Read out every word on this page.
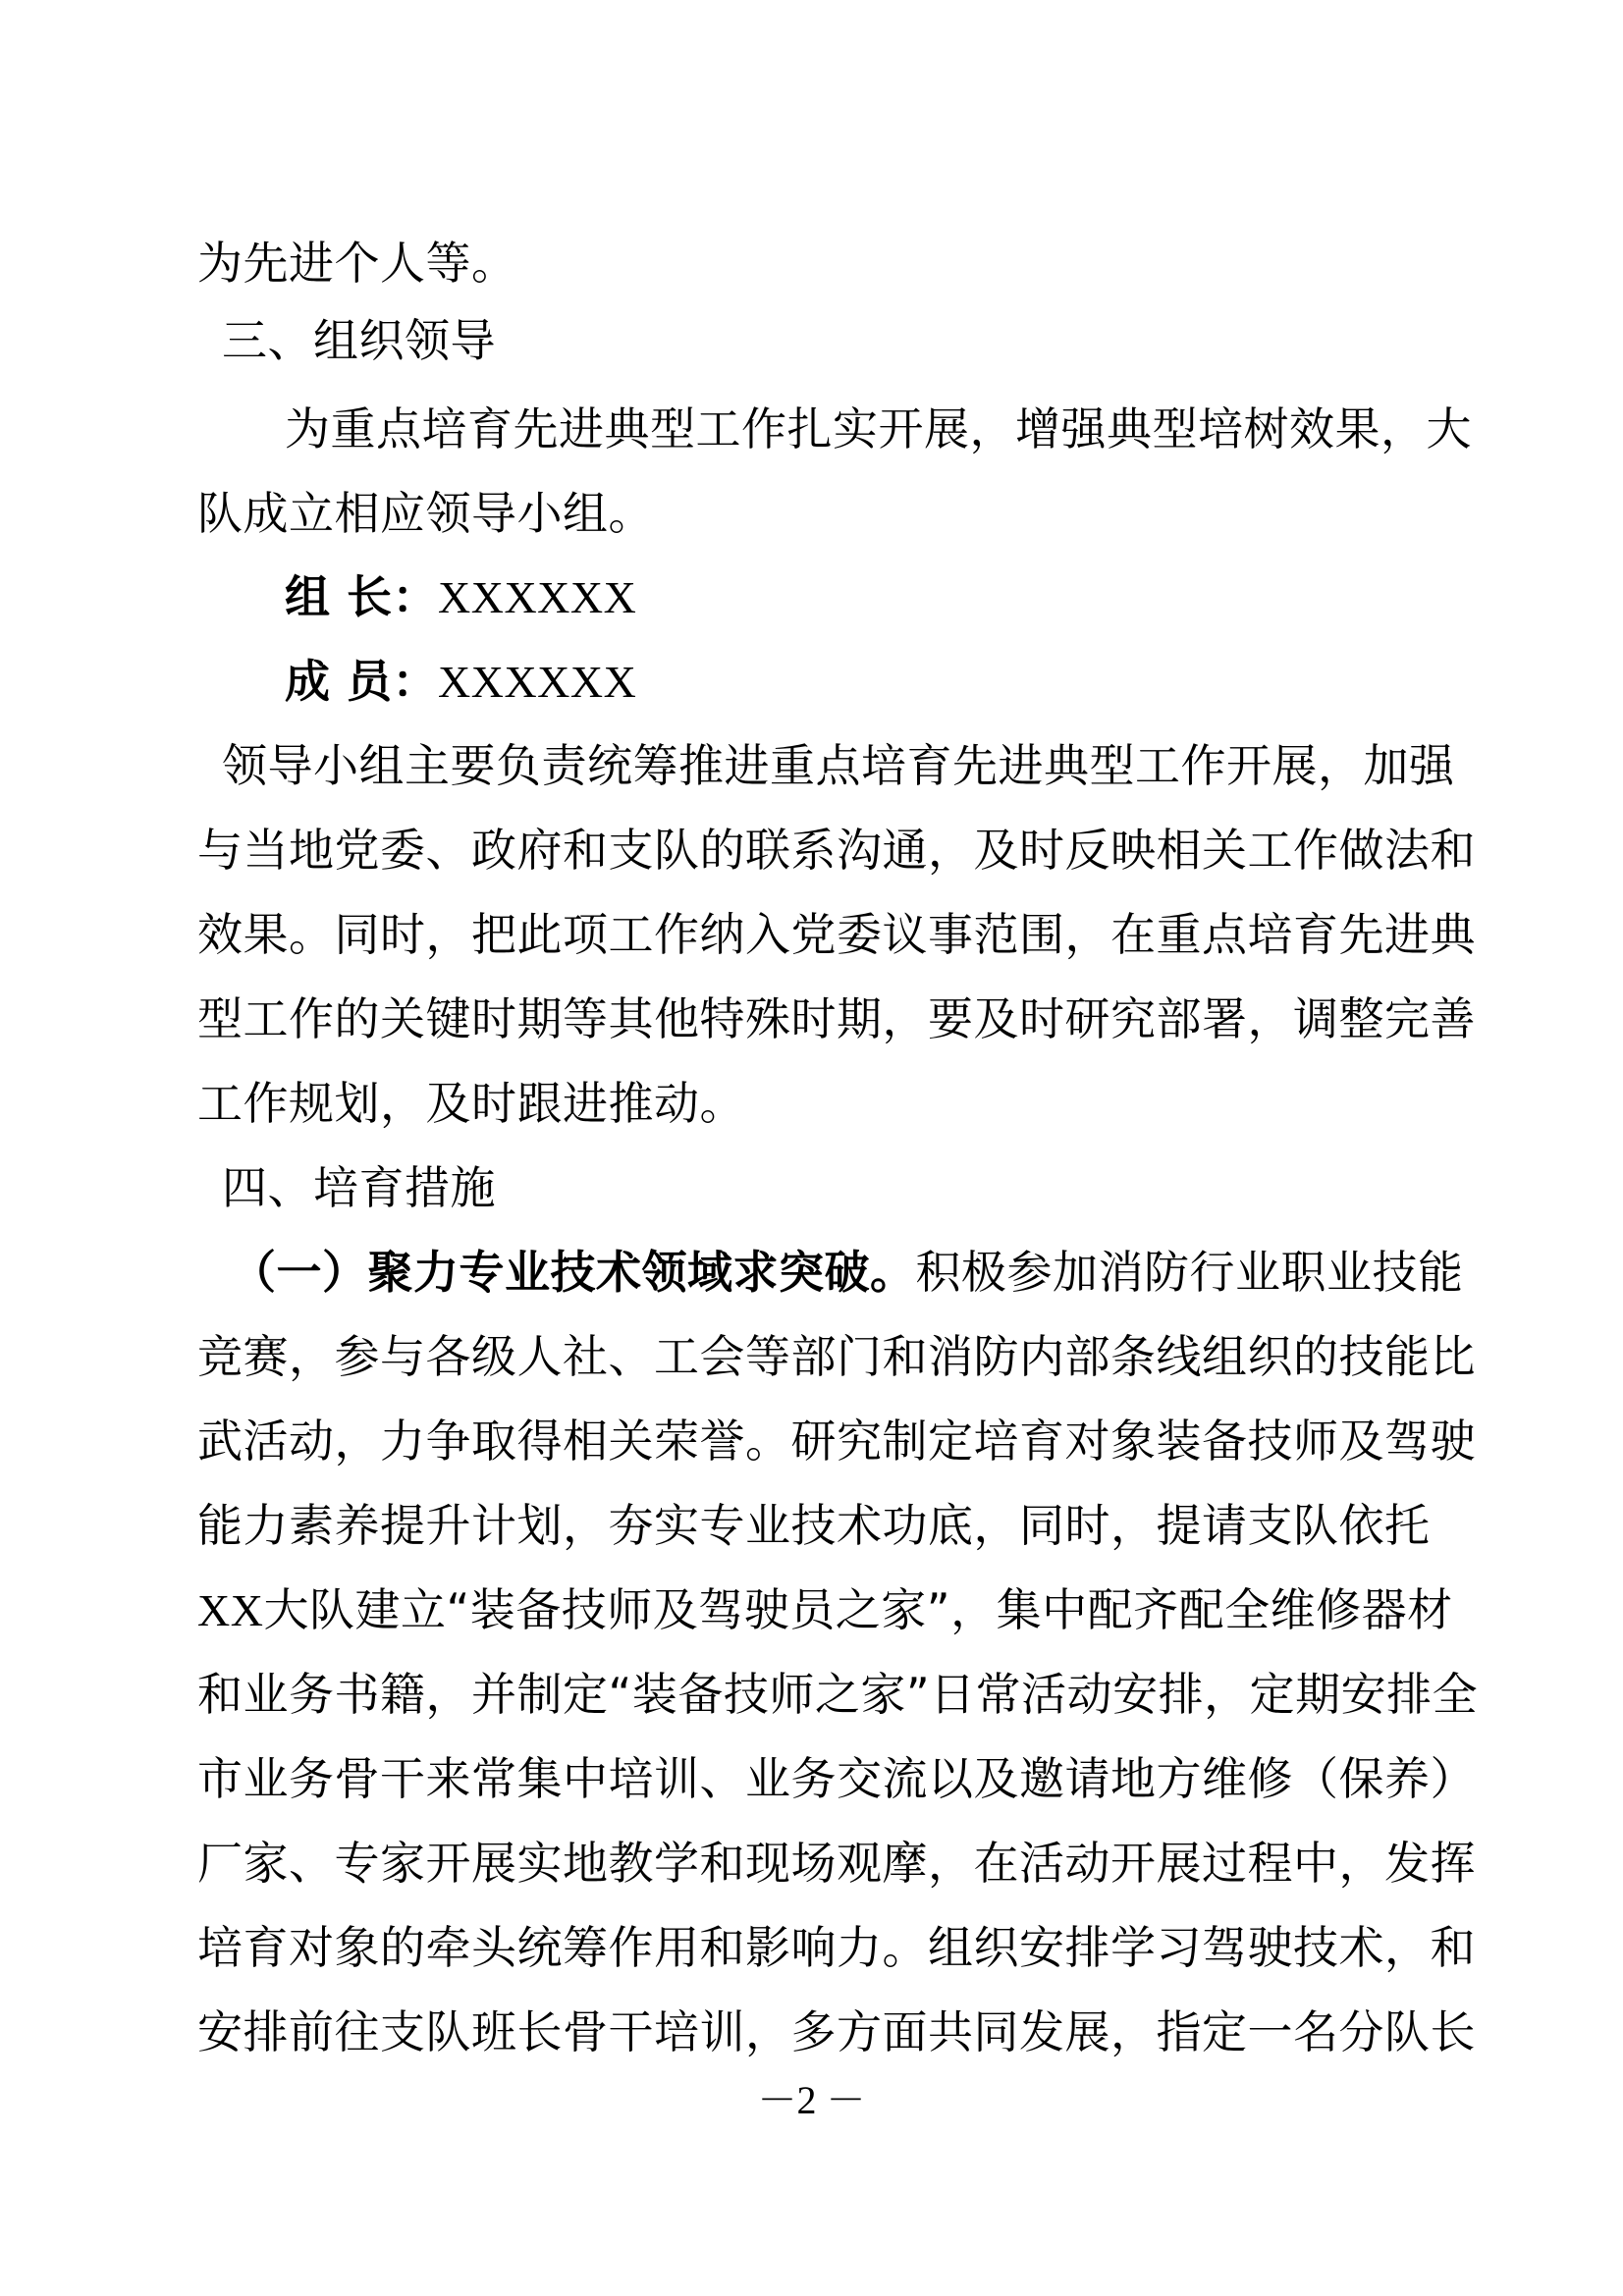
为先进个人等。
三、组织领导
为重点培育先进典型工作扎实开展，增强典型培树效果，大
队成立相应领导小组。
组 长：XXXXXX
成 员：XXXXXX
领导小组主要负责统筹推进重点培育先进典型工作开展，加强
与当地党委、政府和支队的联系沟通，及时反映相关工作做法和
效果。同时，把此项工作纳入党委议事范围，在重点培育先进典
型工作的关键时期等其他特殊时期，要及时研究部署，调整完善
工作规划，及时跟进推动。
四、培育措施
（一）聚力专业技术领域求突破。积极参加消防行业职业技能
竞赛，参与各级人社、工会等部门和消防内部条线组织的技能比
武活动，力争取得相关荣誉。研究制定培育对象装备技师及驾驶
能力素养提升计划，夯实专业技术功底，同时，提请支队依托
XX大队建立“装备技师及驾驶员之家”，集中配齐配全维修器材
和业务书籍，并制定“装备技师之家”日常活动安排，定期安排全
市业务骨干来常集中培训、业务交流以及邀请地方维修（保养）
厂家、专家开展实地教学和现场观摩，在活动开展过程中，发挥
培育对象的牵头统筹作用和影响力。组织安排学习驾驶技术，和
安排前往支队班长骨干培训，多方面共同发展，指定一名分队长
－2 －
